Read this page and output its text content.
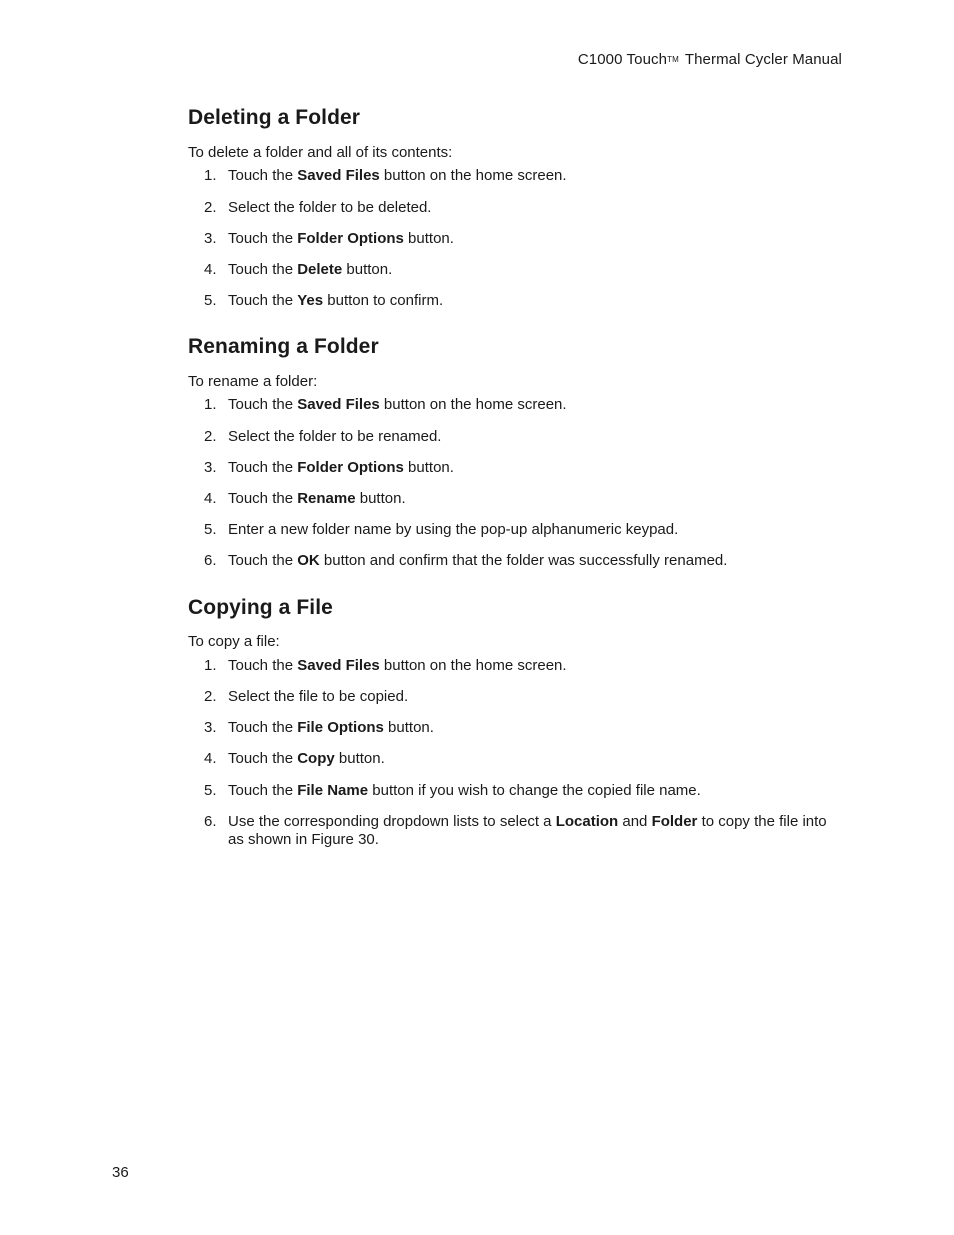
C1000 Touch™ Thermal Cycler Manual
Deleting a Folder

To delete a folder and all of its contents:

1. Touch the Saved Files button on the home screen.
2. Select the folder to be deleted.
3. Touch the Folder Options button.
4. Touch the Delete button.
5. Touch the Yes button to confirm.
Renaming a Folder

To rename a folder:

1. Touch the Saved Files button on the home screen.
2. Select the folder to be renamed.
3. Touch the Folder Options button.
4. Touch the Rename button.
5. Enter a new folder name by using the pop-up alphanumeric keypad.
6. Touch the OK button and confirm that the folder was successfully renamed.
Copying a File

To copy a file:

1. Touch the Saved Files button on the home screen.
2. Select the file to be copied.
3. Touch the File Options button.
4. Touch the Copy button.
5. Touch the File Name button if you wish to change the copied file name.
6. Use the corresponding dropdown lists to select a Location and Folder to copy the file into as shown in Figure 30.
36
